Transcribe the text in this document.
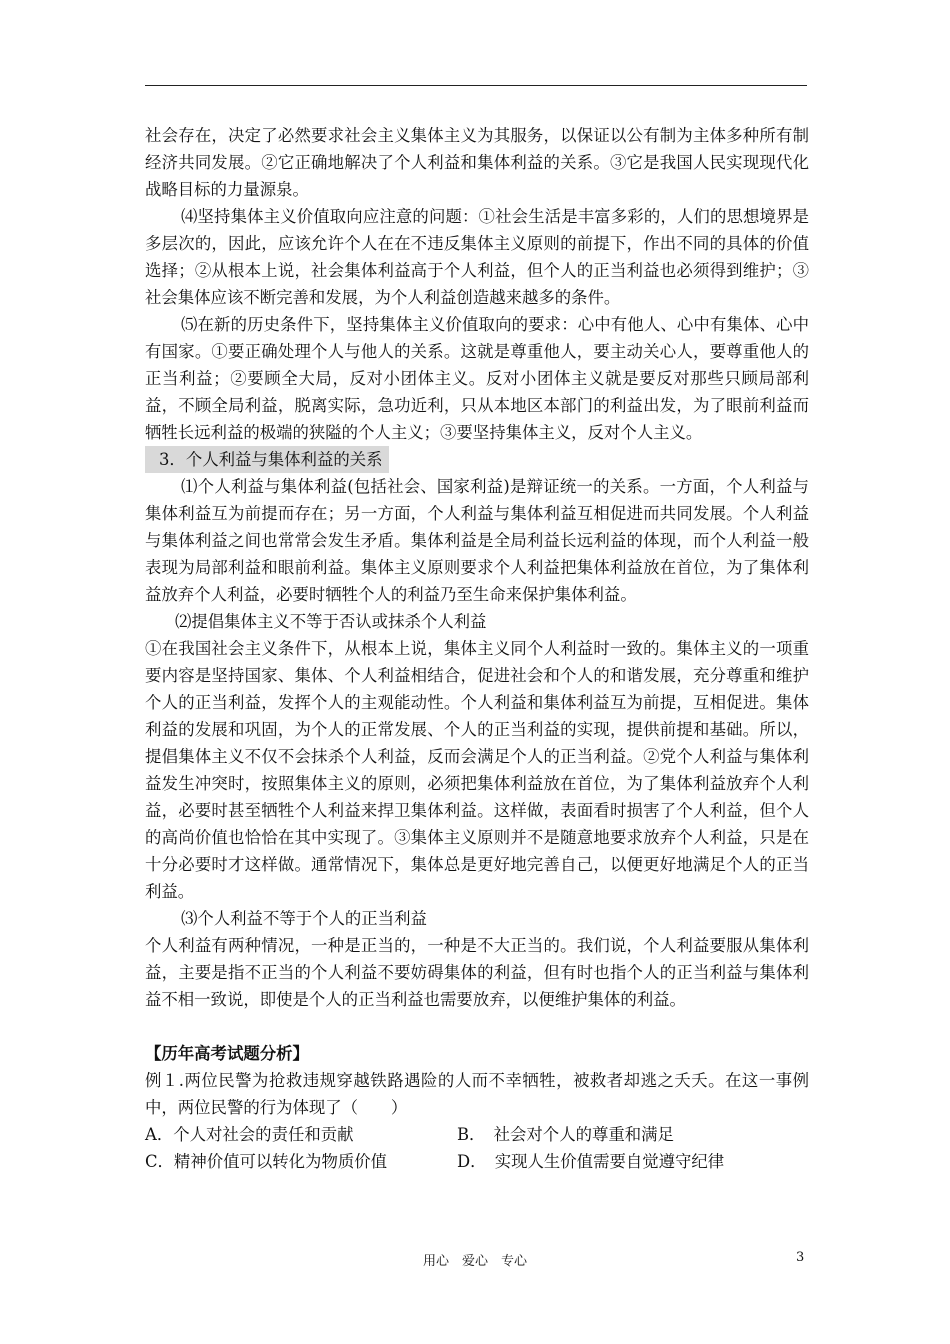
社会存在，决定了必然要求社会主义集体主义为其服务，以保证以公有制为主体多种所有制经济共同发展。②它正确地解决了个人利益和集体利益的关系。③它是我国人民实现现代化战略目标的力量源泉。

⑷坚持集体主义价值取向应注意的问题：①社会生活是丰富多彩的，人们的思想境界是多层次的，因此，应该允许个人在在不违反集体主义原则的前提下，作出不同的具体的价值选择；②从根本上说，社会集体利益高于个人利益，但个人的正当利益也必须得到维护；③社会集体应该不断完善和发展，为个人利益创造越来越多的条件。

⑸在新的历史条件下，坚持集体主义价值取向的要求：心中有他人、心中有集体、心中有国家。①要正确处理个人与他人的关系。这就是尊重他人，要主动关心人，要尊重他人的正当利益；②要顾全大局，反对小团体主义。反对小团体主义就是要反对那些只顾局部利益，不顾全局利益，脱离实际，急功近利，只从本地区本部门的利益出发，为了眼前利益而牺牲长远利益的极端的狭隘的个人主义；③要坚持集体主义，反对个人主义。

3．个人利益与集体利益的关系

⑴个人利益与集体利益(包括社会、国家利益)是辩证统一的关系。一方面，个人利益与集体利益互为前提而存在；另一方面，个人利益与集体利益互相促进而共同发展。个人利益与集体利益之间也常常会发生矛盾。集体利益是全局利益长远利益的体现，而个人利益一般表现为局部利益和眼前利益。集体主义原则要求个人利益把集体利益放在首位，为了集体利益放弃个人利益，必要时牺牲个人的利益乃至生命来保护集体利益。

⑵提倡集体主义不等于否认或抹杀个人利益

①在我国社会主义条件下，从根本上说，集体主义同个人利益时一致的。集体主义的一项重要内容是坚持国家、集体、个人利益相结合，促进社会和个人的和谐发展，充分尊重和维护个人的正当利益，发挥个人的主观能动性。个人利益和集体利益互为前提，互相促进。集体利益的发展和巩固，为个人的正常发展、个人的正当利益的实现，提供前提和基础。所以，提倡集体主义不仅不会抹杀个人利益，反而会满足个人的正当利益。②党个人利益与集体利益发生冲突时，按照集体主义的原则，必须把集体利益放在首位，为了集体利益放弃个人利益，必要时甚至牺牲个人利益来捍卫集体利益。这样做，表面看时损害了个人利益，但个人的高尚价值也恰恰在其中实现了。③集体主义原则并不是随意地要求放弃个人利益，只是在十分必要时才这样做。通常情况下，集体总是更好地完善自己，以便更好地满足个人的正当利益。

⑶个人利益不等于个人的正当利益

个人利益有两种情况，一种是正当的，一种是不大正当的。我们说，个人利益要服从集体利益，主要是指不正当的个人利益不要妨碍集体的利益，但有时也指个人的正当利益与集体利益不相一致说，即使是个人的正当利益也需要放弃，以便维护集体的利益。

【历年高考试题分析】

例１.两位民警为抢救违规穿越铁路遇险的人而不幸牺牲，被救者却逃之夭夭。在这一事例中，两位民警的行为体现了（　　）

A．个人对社会的责任和贡献	B．　社会对个人的尊重和满足
C．精神价值可以转化为物质价值	D．　实现人生价值需要自觉遵守纪律
用心　爱心　专心	3
